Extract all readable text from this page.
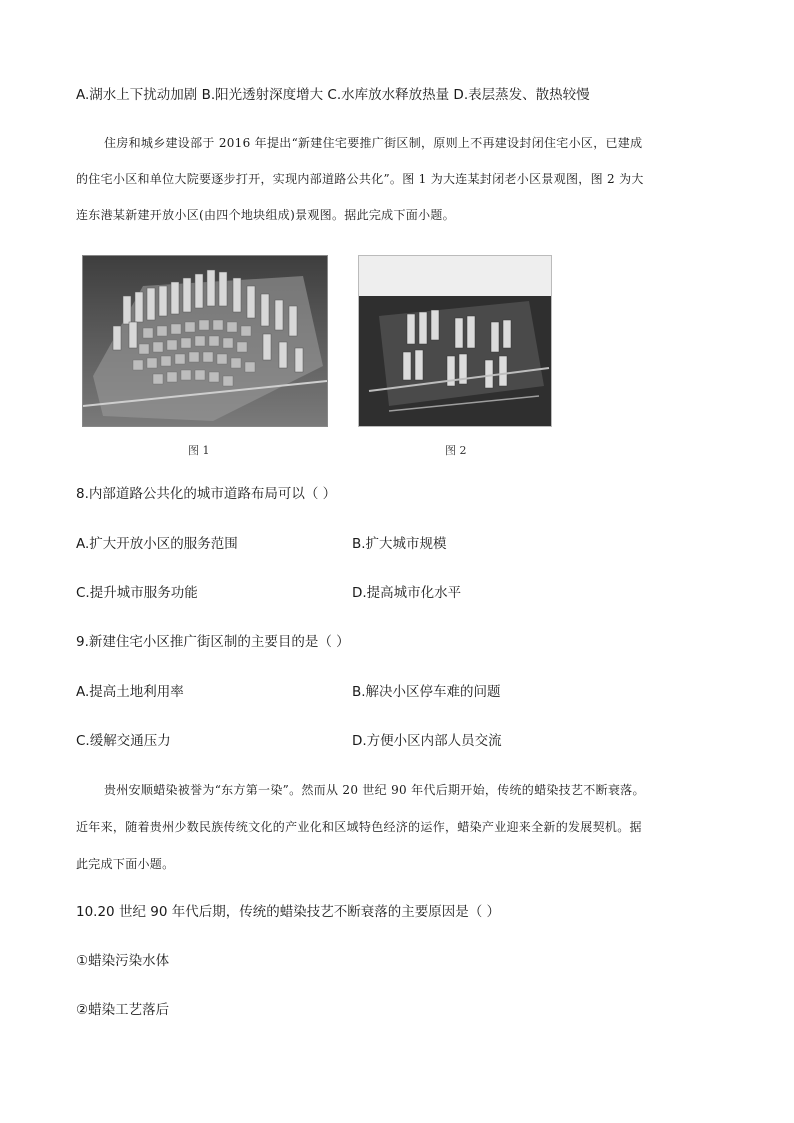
A.湖水上下扰动加剧 B.阳光透射深度增大 C.水库放水释放热量 D.表层蒸发、散热较慢
住房和城乡建设部于 2016 年提出“新建住宅要推广街区制，原则上不再建设封闭住宅小区，已建成
的住宅小区和单位大院要逐步打开，实现内部道路公共化”。图 1 为大连某封闭老小区景观图，图 2 为大
连东港某新建开放小区(由四个地块组成)景观图。据此完成下面小题。
图 1	图 2
8.内部道路公共化的城市道路布局可以（ ）
A.扩大开放小区的服务范围	B.扩大城市规模
C.提升城市服务功能	D.提高城市化水平
9.新建住宅小区推广街区制的主要目的是（ ）
A.提高土地利用率	B.解决小区停车难的问题
C.缓解交通压力	D.方便小区内部人员交流
贵州安顺蜡染被誉为“东方第一染”。然而从 20 世纪 90 年代后期开始，传统的蜡染技艺不断衰落。
近年来，随着贵州少数民族传统文化的产业化和区域特色经济的运作，蜡染产业迎来全新的发展契机。据
此完成下面小题。
10.20 世纪 90 年代后期，传统的蜡染技艺不断衰落的主要原因是（ ）
①蜡染污染水体
②蜡染工艺落后
